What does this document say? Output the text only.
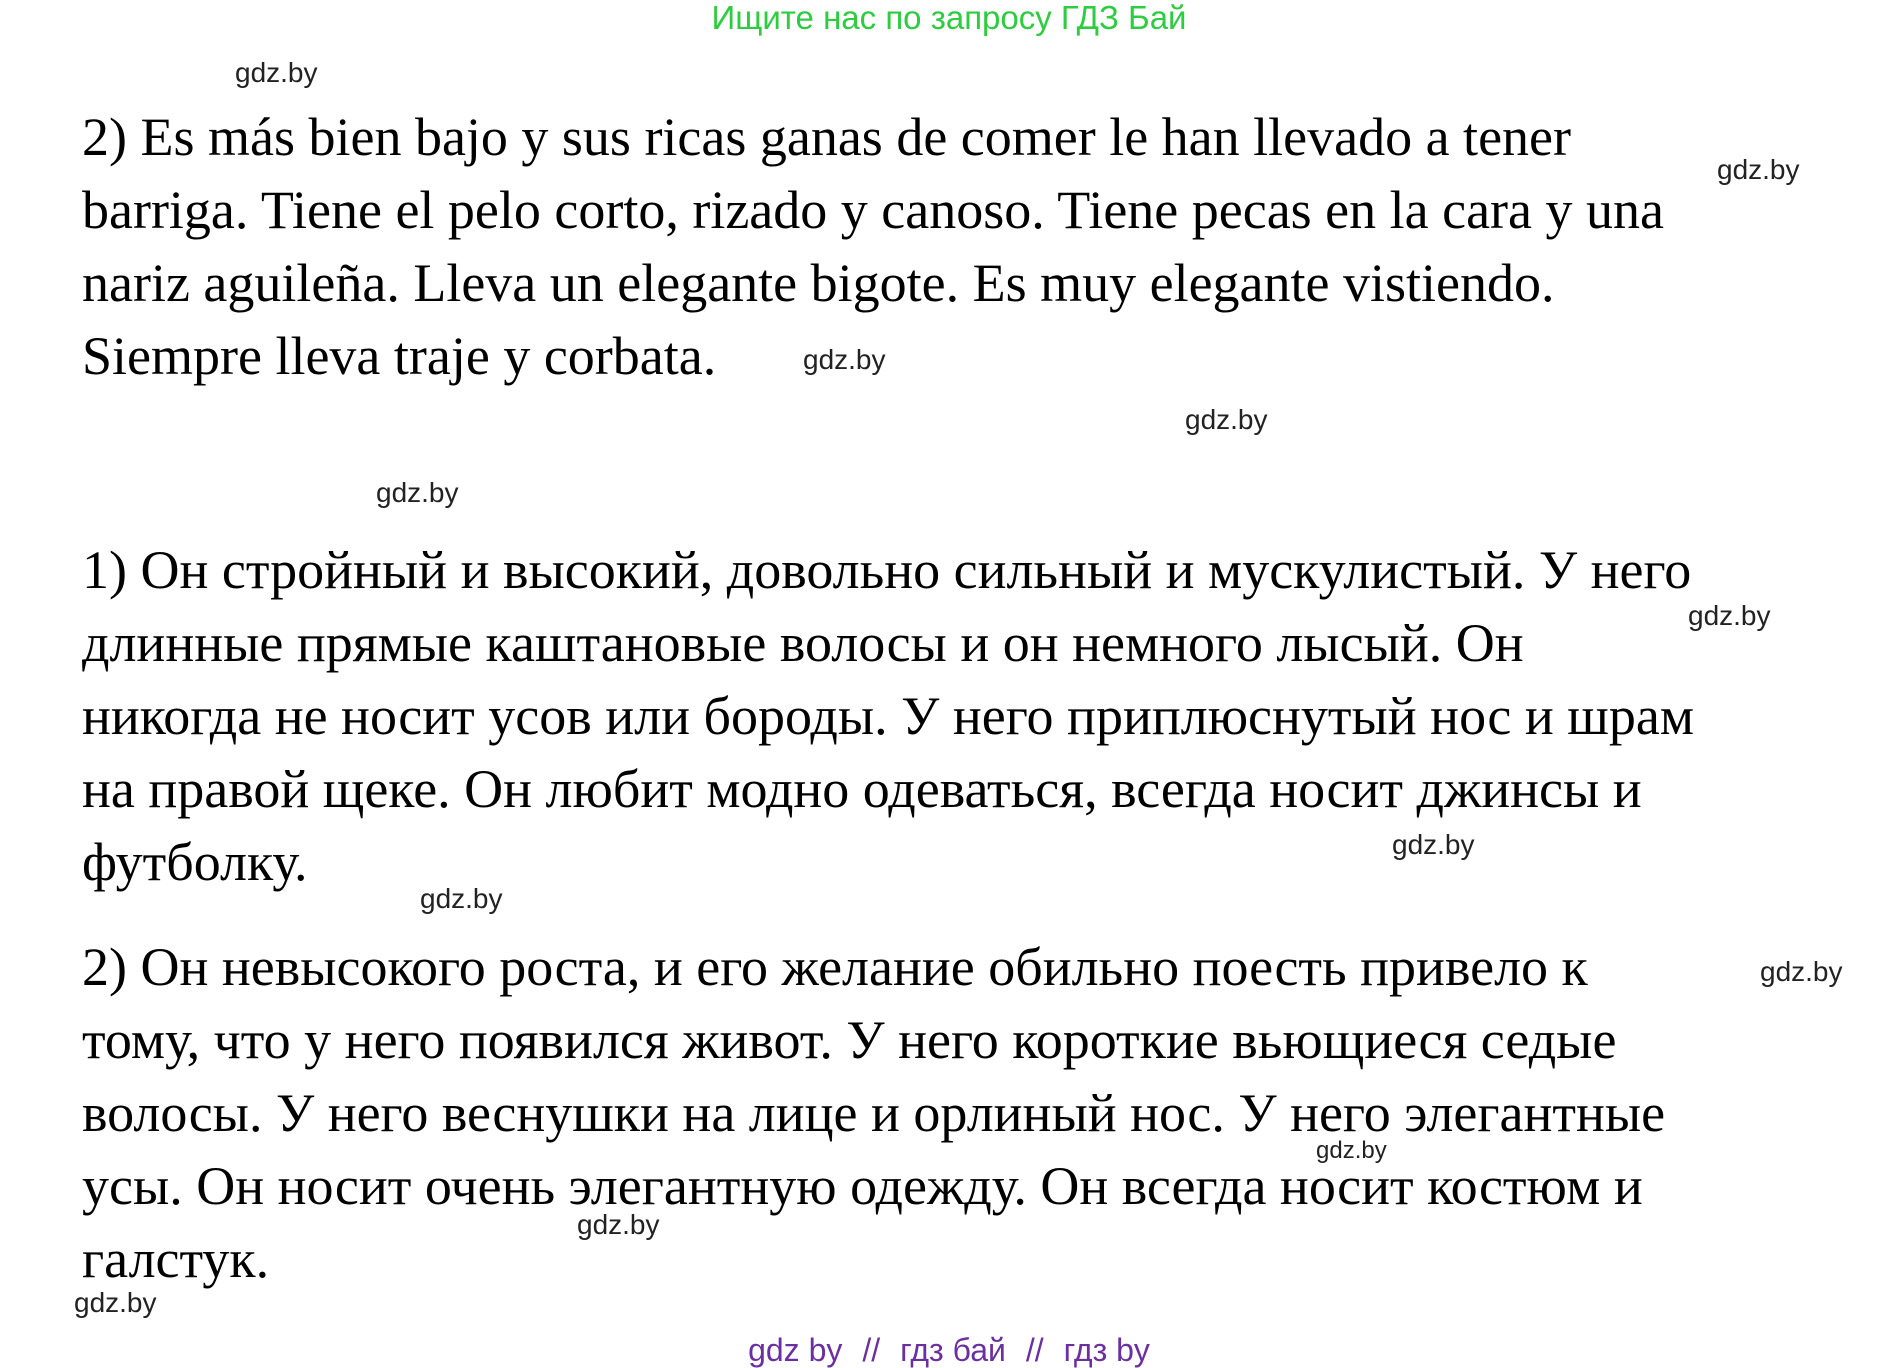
Ищите нас по запросу ГДЗ Бай
2) Es más bien bajo y sus ricas ganas de comer le han llevado a tener
barriga. Tiene el pelo corto, rizado y canoso. Tiene pecas en la cara y una
nariz aguileña. Lleva un elegante bigote. Es muy elegante vistiendo.
Siempre lleva traje y corbata.
1) Он стройный и высокий, довольно сильный и мускулистый. У него
длинные прямые каштановые волосы и он немного лысый. Он
никогда не носит усов или бороды. У него приплюснутый нос и шрам
на правой щеке. Он любит модно одеваться, всегда носит джинсы и
футболку.
2) Он невысокого роста, и его желание обильно поесть привело к
тому, что у него появился живот. У него короткие вьющиеся седые
волосы. У него веснушки на лице и орлиный нос. У него элегантные
усы. Он носит очень элегантную одежду. Он всегда носит костюм и
галстук.
gdz.by
gdz.by
gdz.by
gdz.by
gdz.by
gdz.by
gdz.by
gdz.by
gdz.by
gdz.by
gdz.by
gdz.by
gdz by // гдз бай // гдз by
